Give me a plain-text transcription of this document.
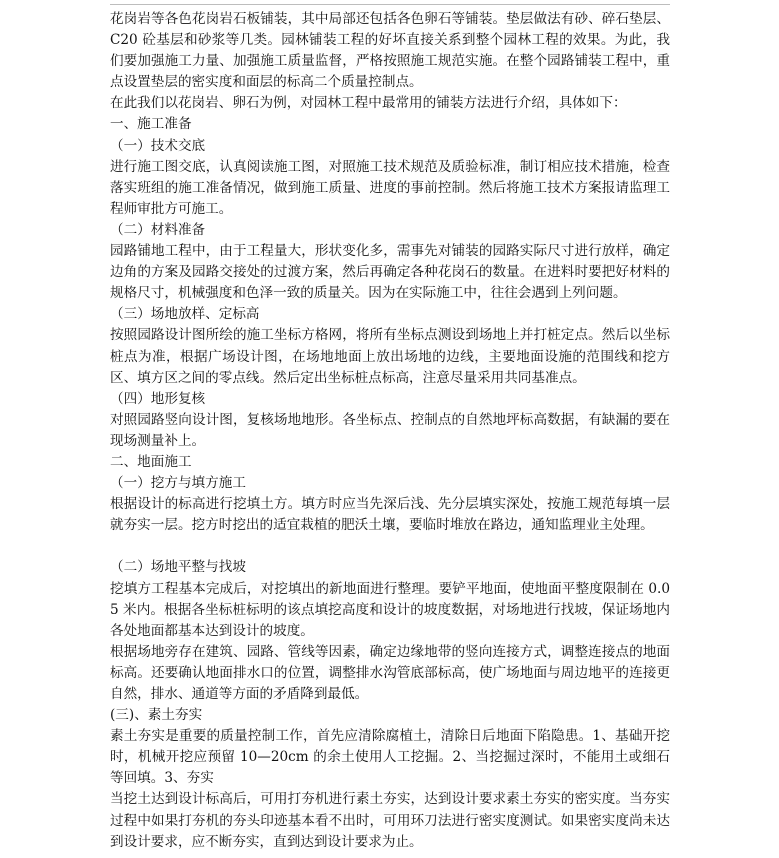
花岗岩等各色花岗岩石板铺装，其中局部还包括各色卵石等铺装。垫层做法有砂、碎石垫层、C20 砼基层和砂浆等几类。园林铺装工程的好坏直接关系到整个园林工程的效果。为此，我们要加强施工力量、加强施工质量监督，严格按照施工规范实施。在整个园路铺装工程中，重点设置垫层的密实度和面层的标高二个质量控制点。

在此我们以花岗岩、卵石为例，对园林工程中最常用的铺装方法进行介绍，具体如下：

一、施工准备

（一）技术交底

进行施工图交底，认真阅读施工图，对照施工技术规范及质验标准，制订相应技术措施，检查落实班组的施工准备情况，做到施工质量、进度的事前控制。然后将施工技术方案报请监理工程师审批方可施工。

（二）材料准备

园路铺地工程中，由于工程量大，形状变化多，需事先对铺装的园路实际尺寸进行放样，确定边角的方案及园路交接处的过渡方案，然后再确定各种花岗石的数量。在进料时要把好材料的规格尺寸，机械强度和色泽一致的质量关。因为在实际施工中，往往会遇到上列问题。

（三）场地放样、定标高

按照园路设计图所绘的施工坐标方格网，将所有坐标点测设到场地上并打桩定点。然后以坐标桩点为准，根据广场设计图，在场地地面上放出场地的边线，主要地面设施的范围线和挖方区、填方区之间的零点线。然后定出坐标桩点标高，注意尽量采用共同基准点。

（四）地形复核

对照园路竖向设计图，复核场地地形。各坐标点、控制点的自然地坪标高数据，有缺漏的要在现场测量补上。

二、地面施工

（一）挖方与填方施工

根据设计的标高进行挖填土方。填方时应当先深后浅、先分层填实深处，按施工规范每填一层就夯实一层。挖方时挖出的适宜栽植的肥沃土壤，要临时堆放在路边，通知监理业主处理。

（二）场地平整与找坡

挖填方工程基本完成后，对挖填出的新地面进行整理。要铲平地面，使地面平整度限制在 0.05 米内。根据各坐标桩标明的该点填挖高度和设计的坡度数据，对场地进行找坡，保证场地内各处地面都基本达到设计的坡度。

根据场地旁存在建筑、园路、管线等因素，确定边缘地带的竖向连接方式，调整连接点的地面标高。还要确认地面排水口的位置，调整排水沟管底部标高，使广场地面与周边地平的连接更自然，排水、通道等方面的矛盾降到最低。

(三)、素土夯实

素土夯实是重要的质量控制工作，首先应清除腐植土，清除日后地面下陷隐患。1、基础开挖时，机械开挖应预留 10—20cm 的余土使用人工挖掘。2、当挖掘过深时，不能用土或细石等回填。3、夯实

当挖土达到设计标高后，可用打夯机进行素土夯实，达到设计要求素土夯实的密实度。当夯实过程中如果打夯机的夯头印迹基本看不出时，可用环刀法进行密实度测试。如果密实度尚未达到设计要求，应不断夯实，直到达到设计要求为止。
